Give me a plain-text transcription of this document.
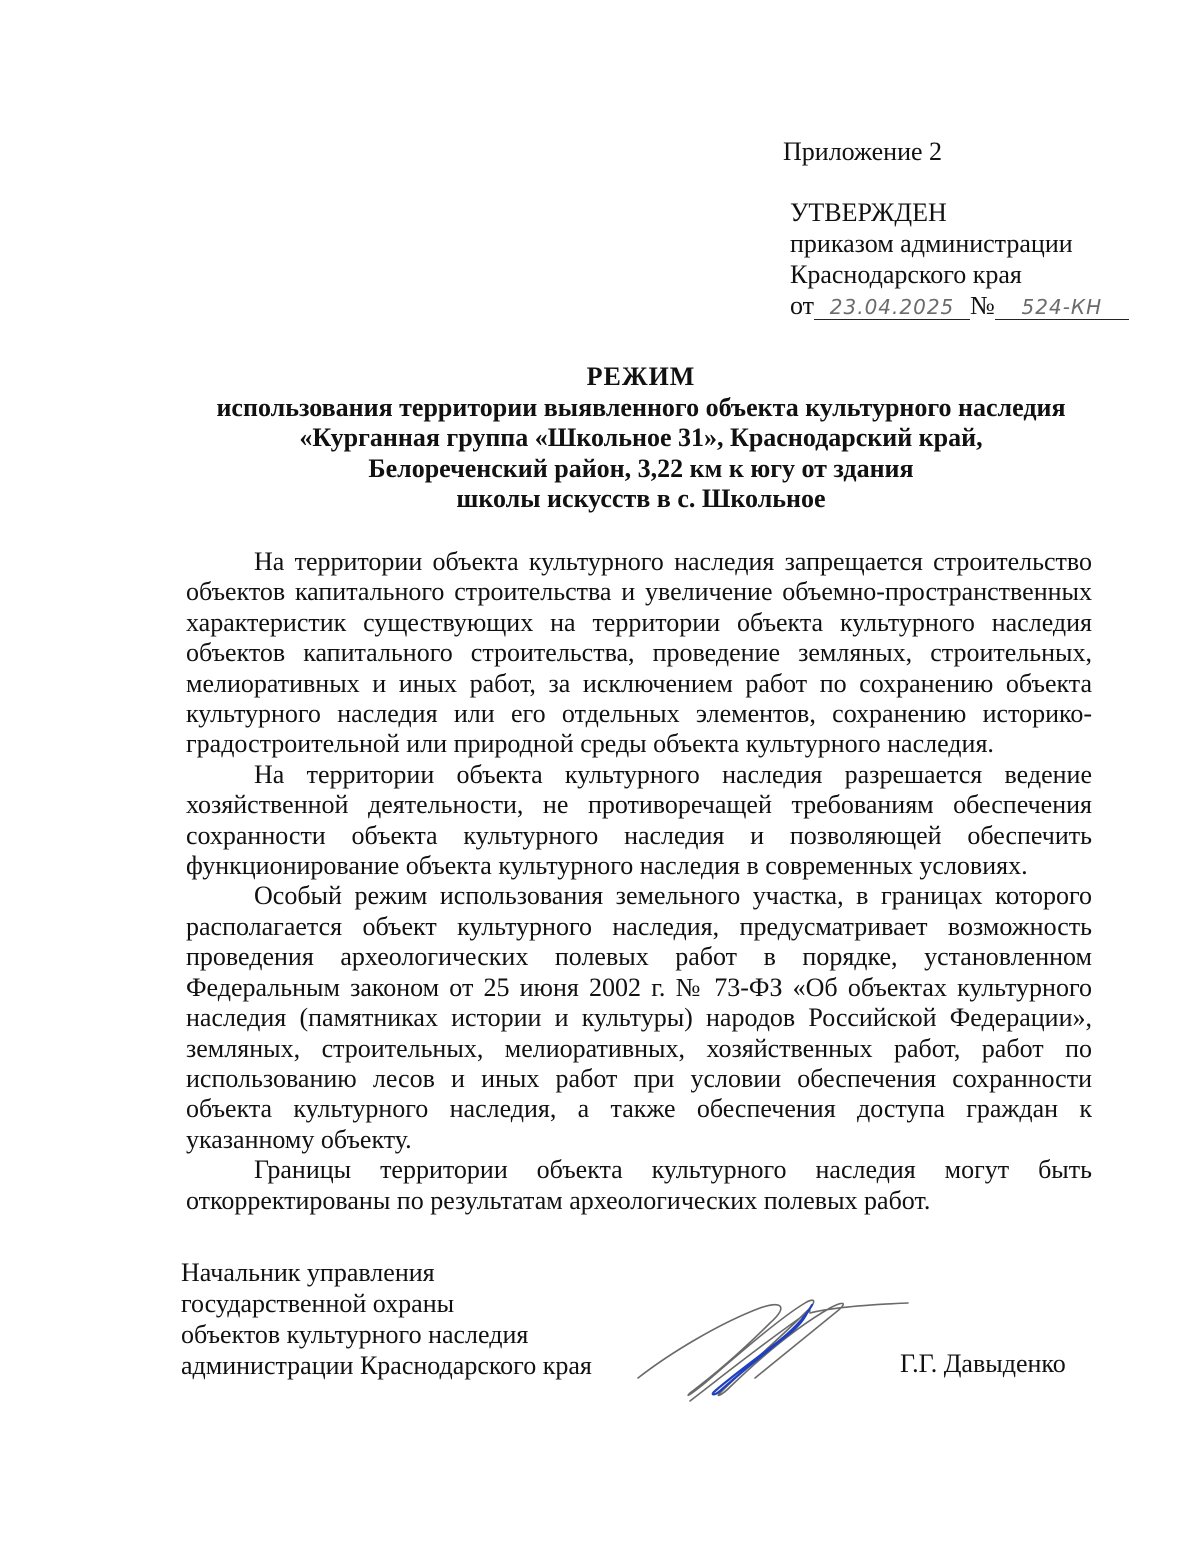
Приложение 2
УТВЕРЖДЕН
приказом администрации
Краснодарского края
от 23.04.2025 № 524-КН
РЕЖИМ
использования территории выявленного объекта культурного наследия
«Курганная группа «Школьное 31», Краснодарский край,
Белореченский район, 3,22 км к югу от здания
школы искусств в с. Школьное

На территории объекта культурного наследия запрещается строительство объектов капитального строительства и увеличение объемно-пространственных характеристик существующих на территории объекта культурного наследия объектов капитального строительства, проведение земляных, строительных, мелиоративных и иных работ, за исключением работ по сохранению объекта культурного наследия или его отдельных элементов, сохранению историко-градостроительной или природной среды объекта культурного наследия.

На территории объекта культурного наследия разрешается ведение хозяйственной деятельности, не противоречащей требованиям обеспечения сохранности объекта культурного наследия и позволяющей обеспечить функционирование объекта культурного наследия в современных условиях.

Особый режим использования земельного участка, в границах которого располагается объект культурного наследия, предусматривает возможность проведения археологических полевых работ в порядке, установленном Федеральным законом от 25 июня 2002 г. № 73-ФЗ «Об объектах культурного наследия (памятниках истории и культуры) народов Российской Федерации», земляных, строительных, мелиоративных, хозяйственных работ, работ по использованию лесов и иных работ при условии обеспечения сохранности объекта культурного наследия, а также обеспечения доступа граждан к указанному объекту.

Границы территории объекта культурного наследия могут быть откорректированы по результатам археологических полевых работ.

Начальник управления
государственной охраны
объектов культурного наследия
администрации Краснодарского края	Г.Г. Давыденко
